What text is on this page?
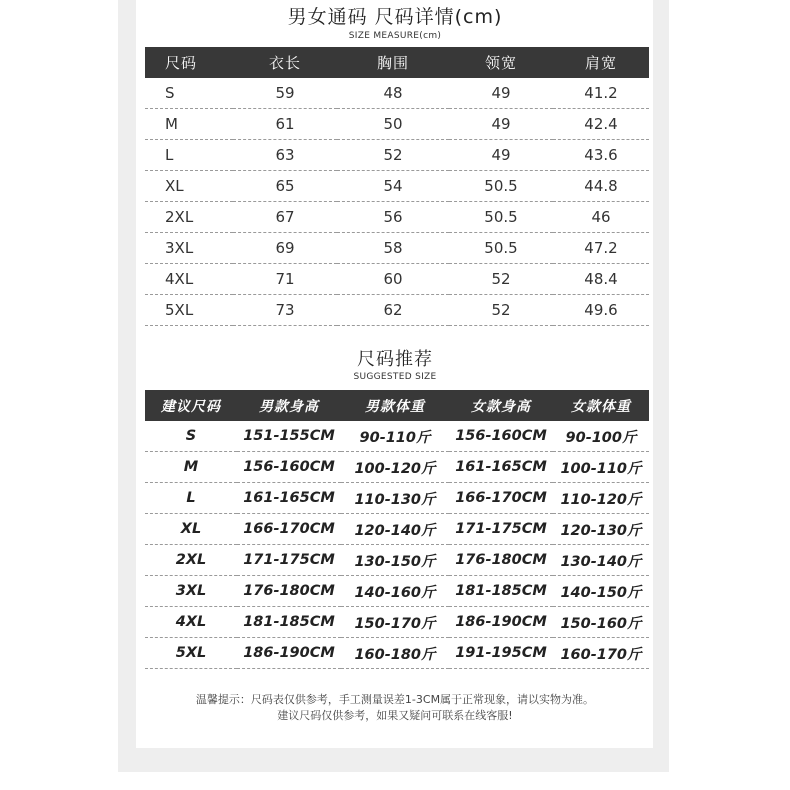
男女通码 尺码详情(cm)
SIZE MEASURE(cm)
尺码	衣长	胸围	领宽	肩宽
S	59	48	49	41.2
M	61	50	49	42.4
L	63	52	49	43.6
XL	65	54	50.5	44.8
2XL	67	56	50.5	46
3XL	69	58	50.5	47.2
4XL	71	60	52	48.4
5XL	73	62	52	49.6
尺码推荐
SUGGESTED SIZE
建议尺码	男款身高	男款体重	女款身高	女款体重
S	151-155CM	90-110斤	156-160CM	90-100斤
M	156-160CM	100-120斤	161-165CM	100-110斤
L	161-165CM	110-130斤	166-170CM	110-120斤
XL	166-170CM	120-140斤	171-175CM	120-130斤
2XL	171-175CM	130-150斤	176-180CM	130-140斤
3XL	176-180CM	140-160斤	181-185CM	140-150斤
4XL	181-185CM	150-170斤	186-190CM	150-160斤
5XL	186-190CM	160-180斤	191-195CM	160-170斤
温馨提示：尺码表仅供参考，手工测量误差1-3CM属于正常现象，请以实物为准。
建议尺码仅供参考，如果又疑问可联系在线客服!
